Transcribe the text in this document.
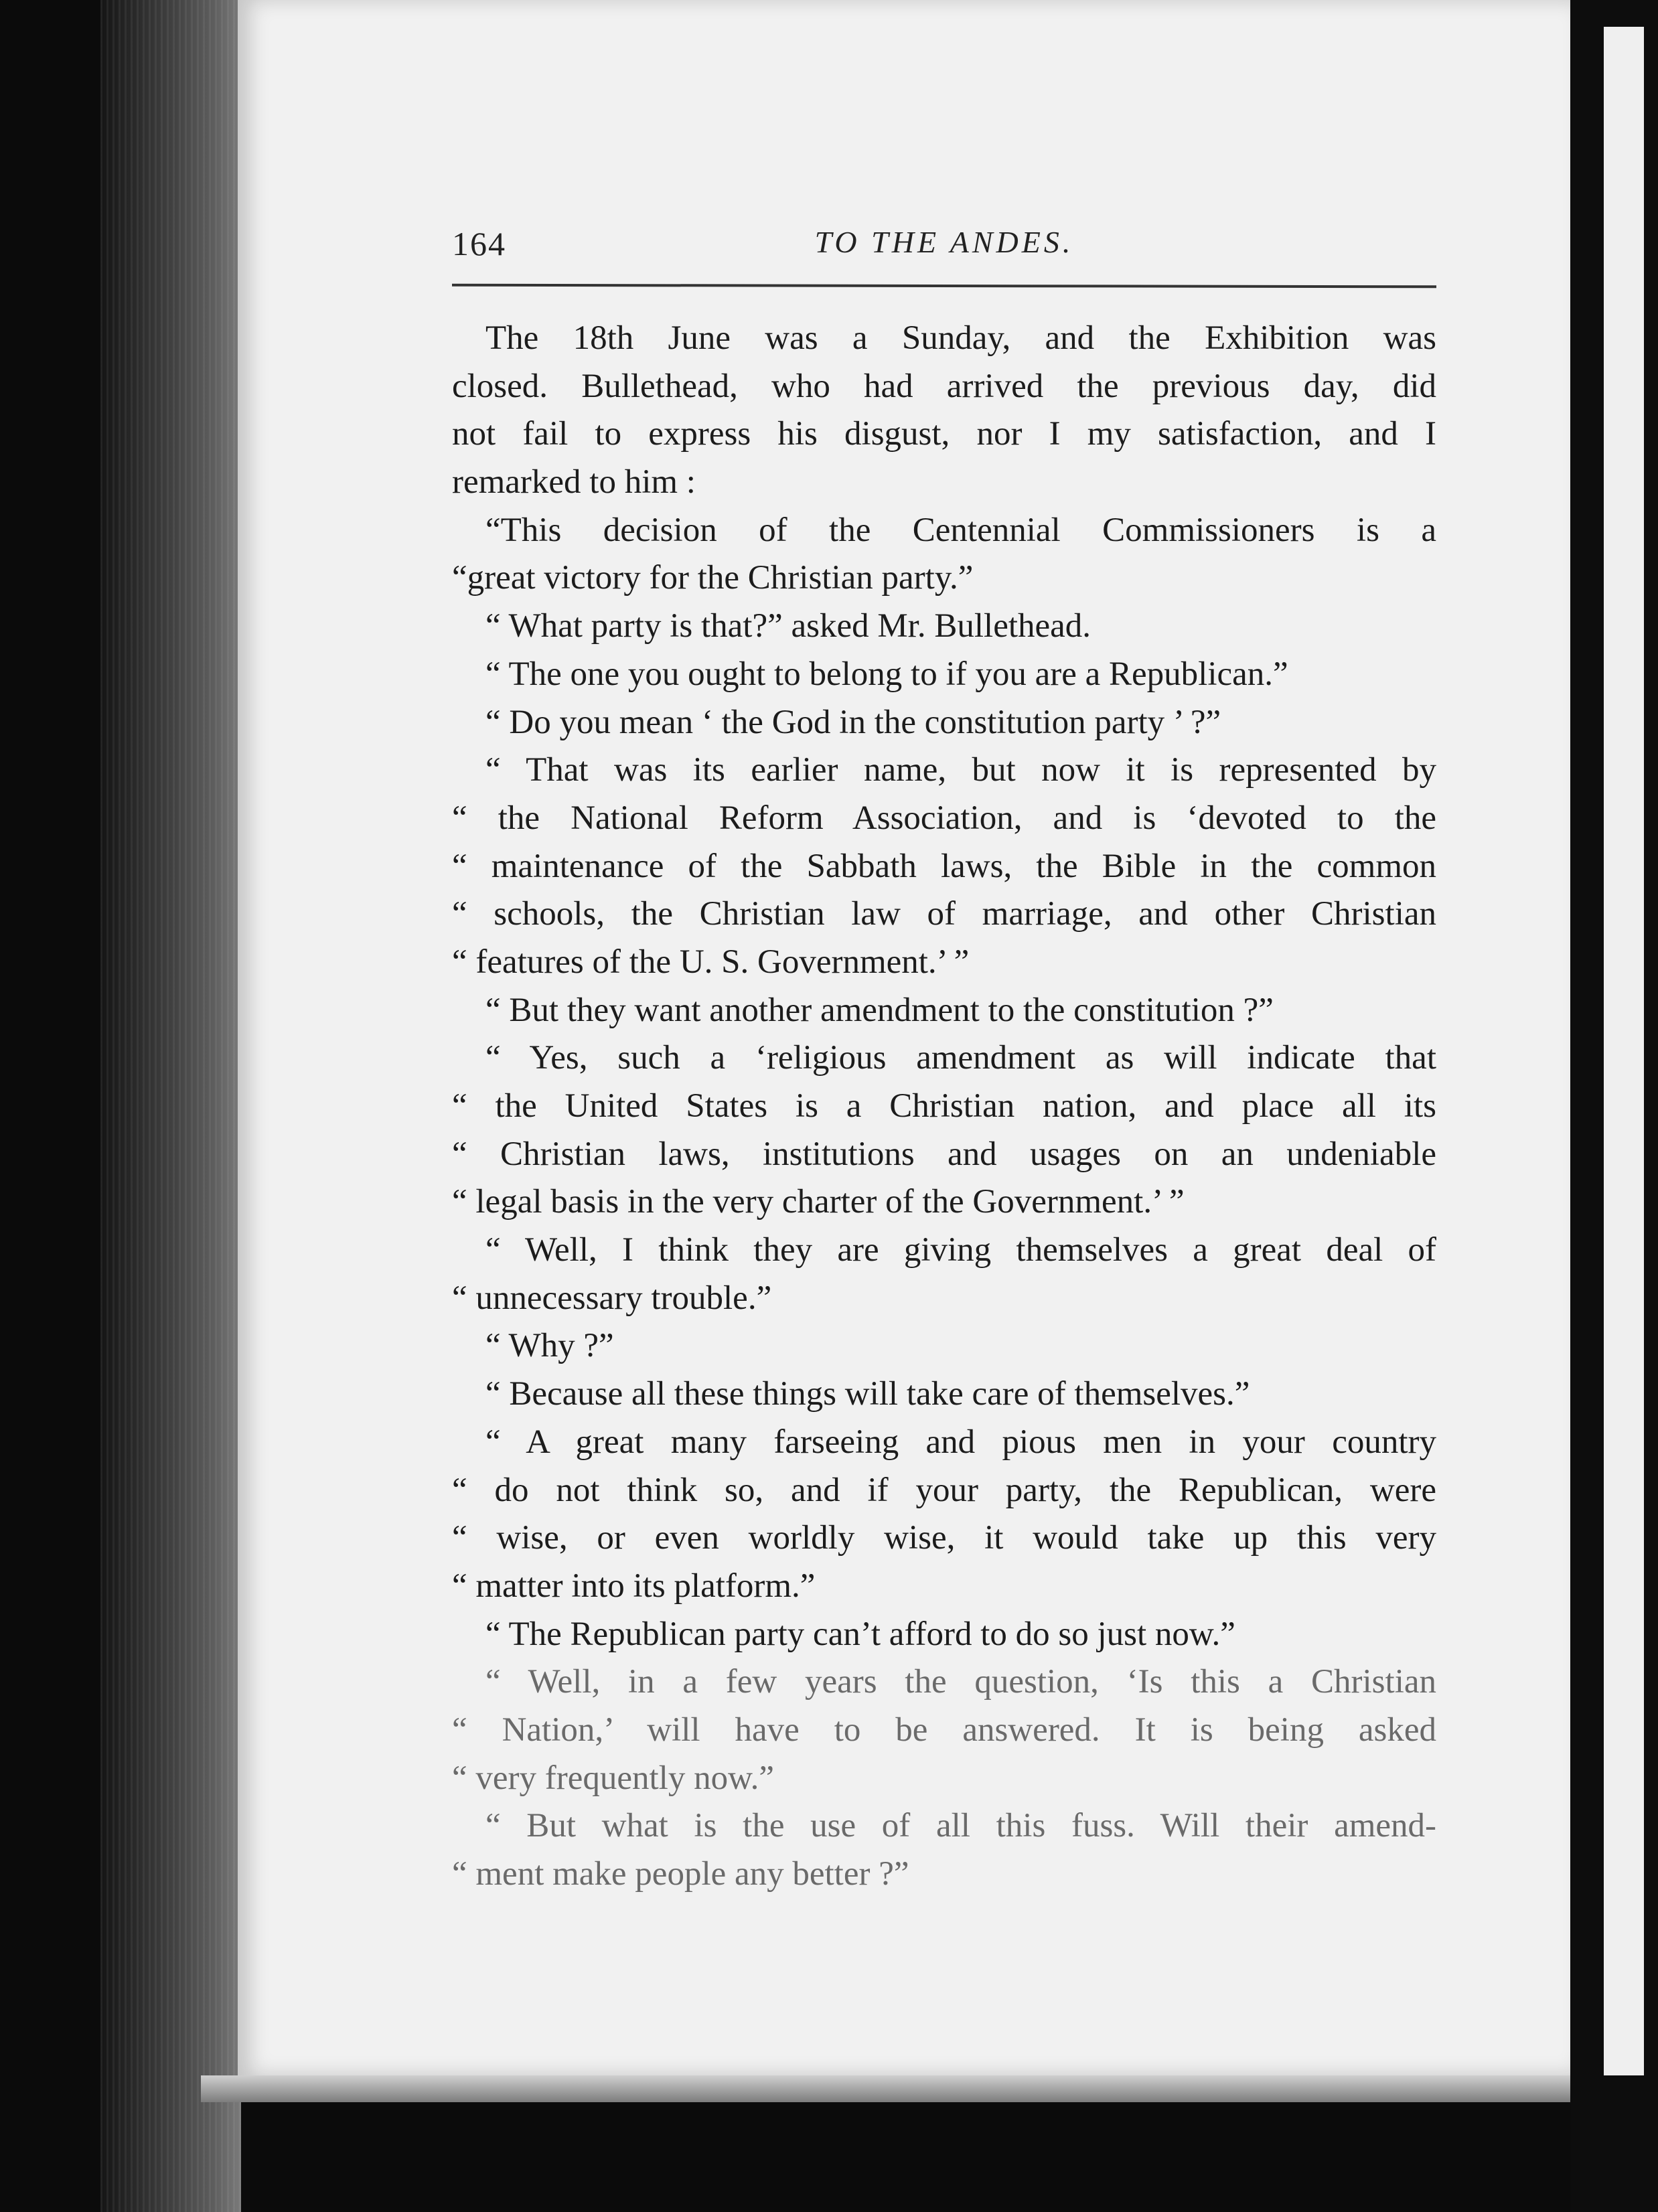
164	TO THE ANDES.
The 18th June was a Sunday, and the Exhibition was
closed. Bullethead, who had arrived the previous day, did
not fail to express his disgust, nor I my satisfaction, and I
remarked to him :
“This decision of the Centennial Commissioners is a
“great victory for the Christian party.”
“ What party is that?” asked Mr. Bullethead.
“ The one you ought to belong to if you are a Republican.”
“ Do you mean ‘ the God in the constitution party ’ ?”
“ That was its earlier name, but now it is represented by
“ the National Reform Association, and is ‘devoted to the
“ maintenance of the Sabbath laws, the Bible in the common
“ schools, the Christian law of marriage, and other Christian
“ features of the U. S. Government.’ ”
“ But they want another amendment to the constitution ?”
“ Yes, such a ‘religious amendment as will indicate that
“ the United States is a Christian nation, and place all its
“ Christian laws, institutions and usages on an undeniable
“ legal basis in the very charter of the Government.’ ”
“ Well, I think they are giving themselves a great deal of
“ unnecessary trouble.”
“ Why ?”
“ Because all these things will take care of themselves.”
“ A great many farseeing and pious men in your country
“ do not think so, and if your party, the Republican, were
“ wise, or even worldly wise, it would take up this very
“ matter into its platform.”
“ The Republican party can’t afford to do so just now.”
“ Well, in a few years the question, ‘Is this a Christian
“ Nation,’ will have to be answered. It is being asked
“ very frequently now.”
“ But what is the use of all this fuss. Will their amend-
“ ment make people any better ?”
